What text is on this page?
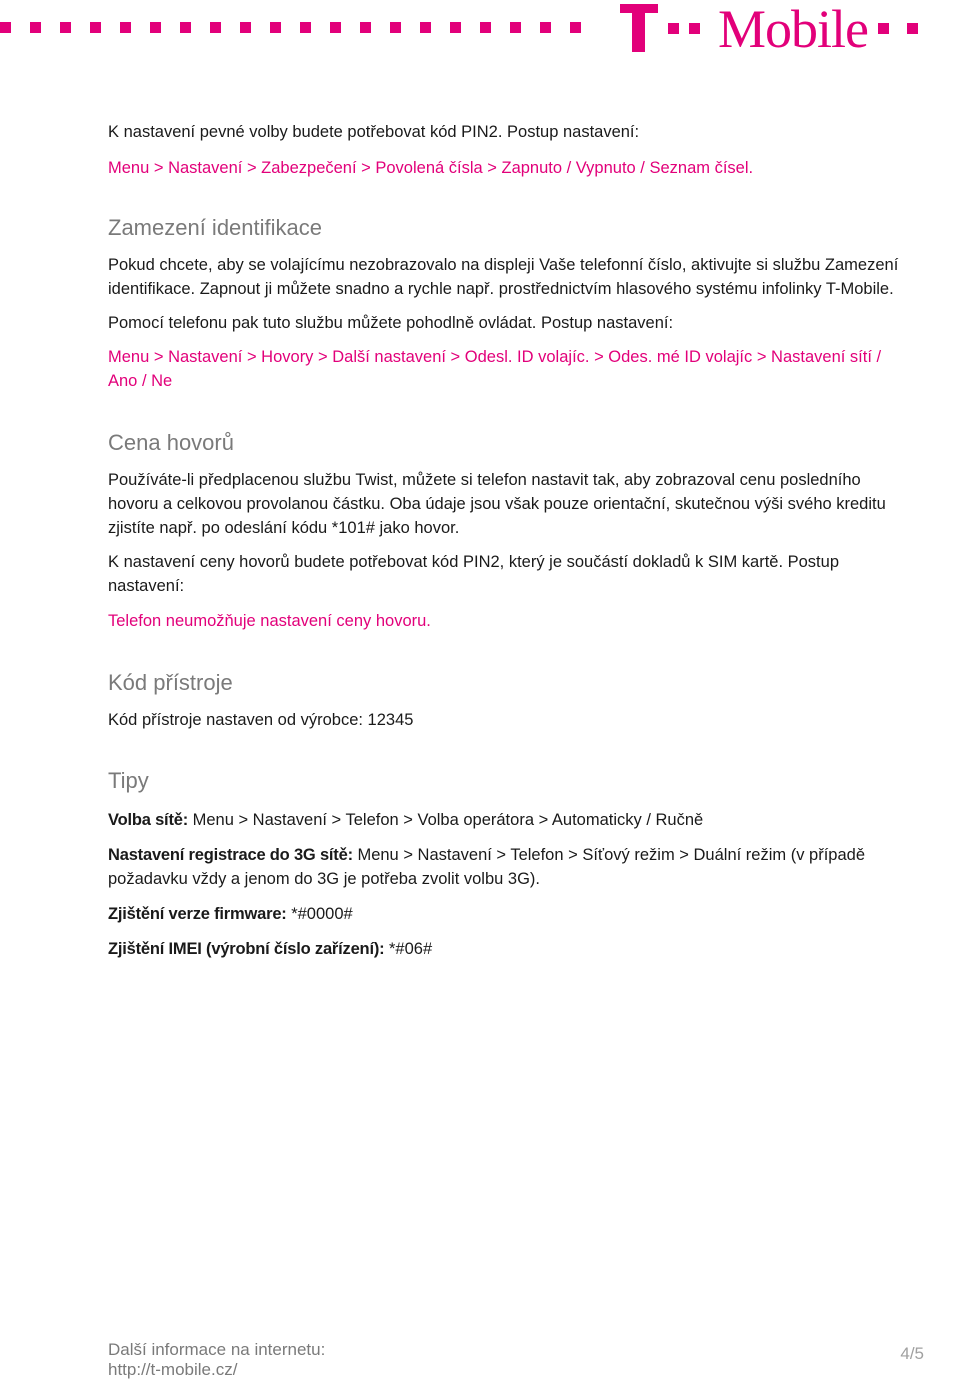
Mobile

K nastavení pevné volby budete potřebovat kód PIN2. Postup nastavení:

Menu > Nastavení > Zabezpečení > Povolená čísla > Zapnuto / Vypnuto / Seznam čísel.

Zamezení identifikace

Pokud chcete, aby se volajícímu nezobrazovalo na displeji Vaše telefonní číslo, aktivujte si službu Zamezení identifikace. Zapnout ji můžete snadno a rychle např. prostřednictvím hlasového systému infolinky T-Mobile.

Pomocí telefonu pak tuto službu můžete pohodlně ovládat. Postup nastavení:

Menu > Nastavení > Hovory > Další nastavení > Odesl. ID volajíc. > Odes. mé ID volajíc > Nastavení sítí / Ano / Ne

Cena hovorů

Používáte-li předplacenou službu Twist, můžete si telefon nastavit tak, aby zobrazoval cenu posledního hovoru a celkovou provolanou částku. Oba údaje jsou však pouze orientační, skutečnou výši svého kreditu zjistíte např. po odeslání kódu *101# jako hovor.

K nastavení ceny hovorů budete potřebovat kód PIN2, který je součástí dokladů k SIM kartě. Postup nastavení:

Telefon neumožňuje nastavení ceny hovoru.

Kód přístroje

Kód přístroje nastaven od výrobce: 12345

Tipy

Volba sítě: Menu > Nastavení > Telefon > Volba operátora > Automaticky / Ručně

Nastavení registrace do 3G sítě: Menu > Nastavení > Telefon > Síťový režim > Duální režim (v případě požadavku vždy a jenom do 3G je potřeba zvolit volbu 3G).

Zjištění verze firmware: *#0000#

Zjištění IMEI (výrobní číslo zařízení): *#06#

Další informace na internetu:
http://t-mobile.cz/
4/5
